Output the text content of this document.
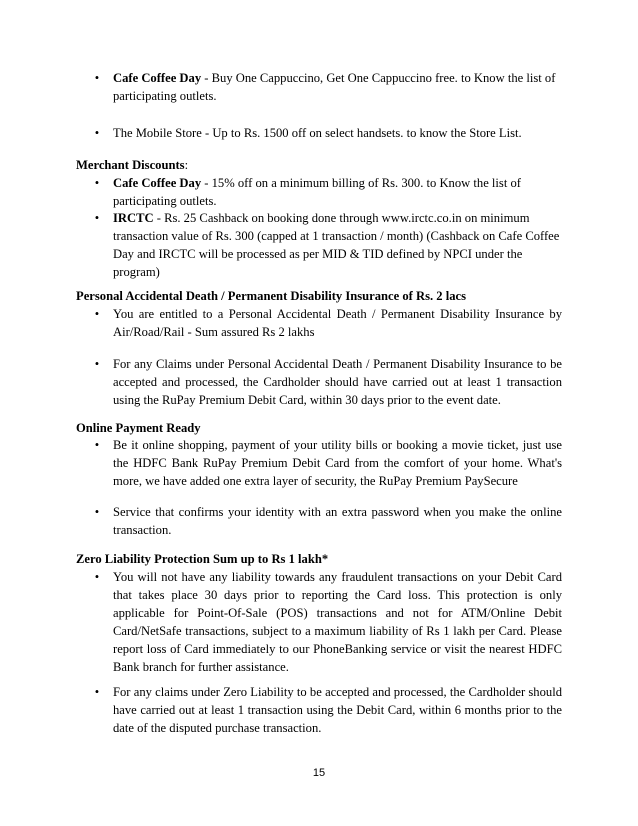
• Cafe Coffee Day - Buy One Cappuccino, Get One Cappuccino free. to Know the list of participating outlets.
• The Mobile Store - Up to Rs. 1500 off on select handsets. to know the Store List.
Merchant Discounts:
• Cafe Coffee Day - 15% off on a minimum billing of Rs. 300. to Know the list of participating outlets.
• IRCTC - Rs. 25 Cashback on booking done through www.irctc.co.in on minimum transaction value of Rs. 300 (capped at 1 transaction / month) (Cashback on Cafe Coffee Day and IRCTC will be processed as per MID & TID defined by NPCI under the program)
Personal Accidental Death / Permanent Disability Insurance of Rs. 2 lacs
• You are entitled to a Personal Accidental Death / Permanent Disability Insurance by Air/Road/Rail - Sum assured Rs 2 lakhs
• For any Claims under Personal Accidental Death / Permanent Disability Insurance to be accepted and processed, the Cardholder should have carried out at least 1 transaction using the RuPay Premium Debit Card, within 30 days prior to the event date.
Online Payment Ready
• Be it online shopping, payment of your utility bills or booking a movie ticket, just use the HDFC Bank RuPay Premium Debit Card from the comfort of your home. What's more, we have added one extra layer of security, the RuPay Premium PaySecure
• Service that confirms your identity with an extra password when you make the online transaction.
Zero Liability Protection Sum up to Rs 1 lakh*
• You will not have any liability towards any fraudulent transactions on your Debit Card that takes place 30 days prior to reporting the Card loss. This protection is only applicable for Point-Of-Sale (POS) transactions and not for ATM/Online Debit Card/NetSafe transactions, subject to a maximum liability of Rs 1 lakh per Card. Please report loss of Card immediately to our PhoneBanking service or visit the nearest HDFC Bank branch for further assistance.
• For any claims under Zero Liability to be accepted and processed, the Cardholder should have carried out at least 1 transaction using the Debit Card, within 6 months prior to the date of the disputed purchase transaction.
15
